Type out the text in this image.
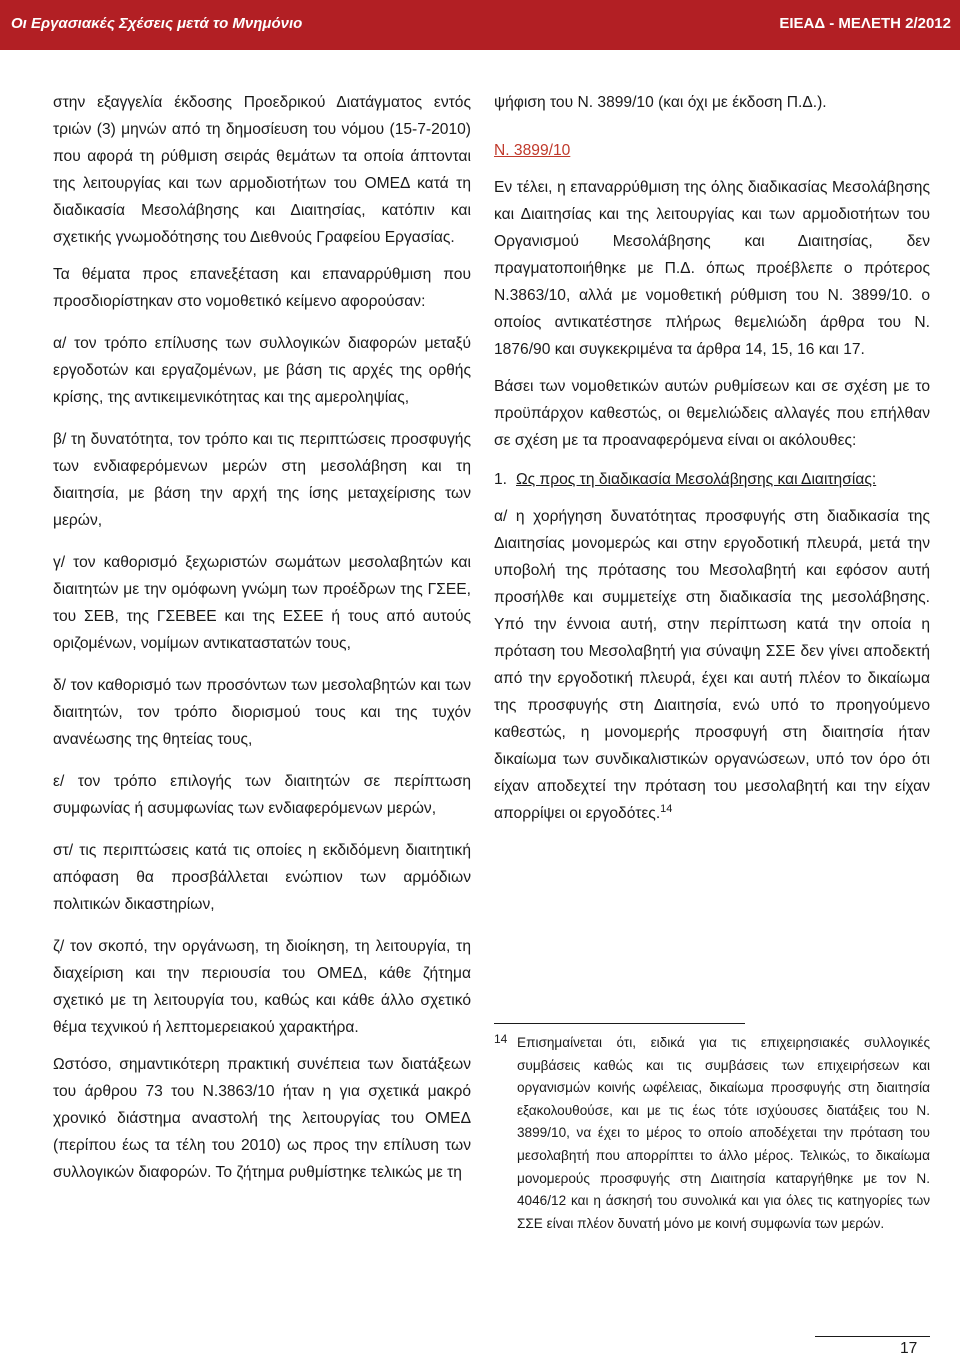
Οι Εργασιακές Σχέσεις μετά το Μνημόνιο	ΕΙΕΑΔ - ΜΕΛΕΤΗ 2/2012

στην εξαγγελία έκδοσης Προεδρικού Διατάγματος εντός τριών (3) μηνών από τη δημοσίευση του νόμου (15-7-2010) που αφορά τη ρύθμιση σειράς θεμάτων τα οποία άπτονται της λειτουργίας και των αρμοδιοτήτων του ΟΜΕΔ κατά τη διαδικασία Μεσολάβησης και Διαιτησίας, κατόπιν και σχετικής γνωμοδότησης του Διεθνούς Γραφείου Εργασίας.

Τα θέματα προς επανεξέταση και επαναρρύθμιση που προσδιορίστηκαν στο νομοθετικό κείμενο αφορούσαν:

α/ τον τρόπο επίλυσης των συλλογικών διαφορών μεταξύ εργοδοτών και εργαζομένων, με βάση τις αρχές της ορθής κρίσης, της αντικειμενικότητας και της αμεροληψίας,

β/ τη δυνατότητα, τον τρόπο και τις περιπτώσεις προσφυγής των ενδιαφερόμενων μερών στη μεσολάβηση και τη διαιτησία, με βάση την αρχή της ίσης μεταχείρισης των μερών,

γ/ τον καθορισμό ξεχωριστών σωμάτων μεσολαβητών και διαιτητών με την ομόφωνη γνώμη των προέδρων της ΓΣΕΕ, του ΣΕΒ, της ΓΣΕΒΕΕ και της ΕΣΕΕ ή τους από αυτούς οριζομένων, νομίμων αντικαταστατών τους,

δ/ τον καθορισμό των προσόντων των μεσολαβητών και των διαιτητών, τον τρόπο διορισμού τους και της τυχόν ανανέωσης της θητείας τους,

ε/ τον τρόπο επιλογής των διαιτητών σε περίπτωση συμφωνίας ή ασυμφωνίας των ενδιαφερόμενων μερών,

στ/ τις περιπτώσεις κατά τις οποίες η εκδιδόμενη διαιτητική απόφαση θα προσβάλλεται ενώπιον των αρμόδιων πολιτικών δικαστηρίων,

ζ/ τον σκοπό, την οργάνωση, τη διοίκηση, τη λειτουργία, τη διαχείριση και την περιουσία του ΟΜΕΔ, κάθε ζήτημα σχετικό με τη λειτουργία του, καθώς και κάθε άλλο σχετικό θέμα τεχνικού ή λεπτομερειακού χαρακτήρα.

Ωστόσο, σημαντικότερη πρακτική συνέπεια των διατάξεων του άρθρου 73 του Ν.3863/10 ήταν η για σχετικά μακρό χρονικό διάστημα αναστολή της λειτουργίας του ΟΜΕΔ (περίπου έως τα τέλη του 2010) ως προς την επίλυση των συλλογικών διαφορών. Το ζήτημα ρυθμίστηκε τελικώς με τη

ψήφιση του Ν. 3899/10 (και όχι με έκδοση Π.Δ.).

Ν. 3899/10

Εν τέλει, η επαναρρύθμιση της όλης διαδικασίας Μεσολάβησης και Διαιτησίας και της λειτουργίας και των αρμοδιοτήτων του Οργανισμού Μεσολάβησης και Διαιτησίας, δεν πραγματοποιήθηκε με Π.Δ. όπως προέβλεπε ο πρότερος Ν.3863/10, αλλά με νομοθετική ρύθμιση του Ν. 3899/10. ο οποίος αντικατέστησε πλήρως θεμελιώδη άρθρα του Ν. 1876/90 και συγκεκριμένα τα άρθρα 14, 15, 16 και 17.

Βάσει των νομοθετικών αυτών ρυθμίσεων και σε σχέση με το προϋπάρχον καθεστώς, οι θεμελιώδεις αλλαγές που επήλθαν σε σχέση με τα προαναφερόμενα είναι οι ακόλουθες:

1. Ως προς τη διαδικασία Μεσολάβησης και Διαιτησίας:

α/ η χορήγηση δυνατότητας προσφυγής στη διαδικασία της Διαιτησίας μονομερώς και στην εργοδοτική πλευρά, μετά την υποβολή της πρότασης του Μεσολαβητή και εφόσον αυτή προσήλθε και συμμετείχε στη διαδικασία της μεσολάβησης. Υπό την έννοια αυτή, στην περίπτωση κατά την οποία η πρόταση του Μεσολαβητή για σύναψη ΣΣΕ δεν γίνει αποδεκτή από την εργοδοτική πλευρά, έχει και αυτή πλέον το δικαίωμα της προσφυγής στη Διαιτησία, ενώ υπό το προηγούμενο καθεστώς, η μονομερής προσφυγή στη διαιτησία ήταν δικαίωμα των συνδικαλιστικών οργανώσεων, υπό τον όρο ότι είχαν αποδεχτεί την πρόταση του μεσολαβητή και την είχαν απορρίψει οι εργοδότες.$^{14}$

14 Επισημαίνεται ότι, ειδικά για τις επιχειρησιακές συλλογικές συμβάσεις καθώς και τις συμβάσεις των επιχειρήσεων και οργανισμών κοινής ωφέλειας, δικαίωμα προσφυγής στη διαιτησία εξακολουθούσε, και με τις έως τότε ισχύουσες διατάξεις του Ν. 3899/10, να έχει το μέρος το οποίο αποδέχεται την πρόταση του μεσολαβητή που απορρίπτει το άλλο μέρος. Τελικώς, το δικαίωμα μονομερούς προσφυγής στη Διαιτησία καταργήθηκε με τον Ν. 4046/12 και η άσκησή του συνολικά και για όλες τις κατηγορίες των ΣΣΕ είναι πλέον δυνατή μόνο με κοινή συμφωνία των μερών.

17
